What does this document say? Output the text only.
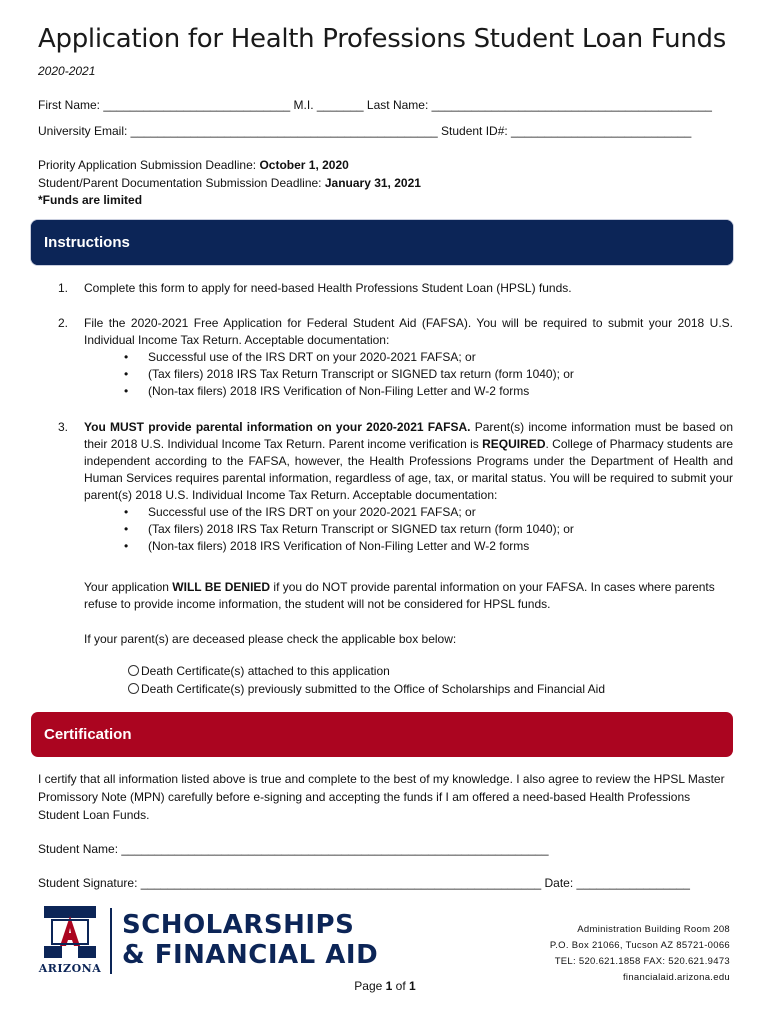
Application for Health Professions Student Loan Funds
2020-2021
First Name: ____________________________ M.I. _______ Last Name: __________________________________________
University Email: ______________________________________________ Student ID#: ___________________________
Priority Application Submission Deadline: October 1, 2020
Student/Parent Documentation Submission Deadline: January 31, 2021
*Funds are limited
Instructions
1. Complete this form to apply for need-based Health Professions Student Loan (HPSL) funds.
2. File the 2020-2021 Free Application for Federal Student Aid (FAFSA). You will be required to submit your 2018 U.S. Individual Income Tax Return. Acceptable documentation:
• Successful use of the IRS DRT on your 2020-2021 FAFSA; or
• (Tax filers) 2018 IRS Tax Return Transcript or SIGNED tax return (form 1040); or
• (Non-tax filers) 2018 IRS Verification of Non-Filing Letter and W-2 forms
3. You MUST provide parental information on your 2020-2021 FAFSA. Parent(s) income information must be based on their 2018 U.S. Individual Income Tax Return. Parent income verification is REQUIRED. College of Pharmacy students are independent according to the FAFSA, however, the Health Professions Programs under the Department of Health and Human Services requires parental information, regardless of age, tax, or marital status. You will be required to submit your parent(s) 2018 U.S. Individual Income Tax Return. Acceptable documentation:
• Successful use of the IRS DRT on your 2020-2021 FAFSA; or
• (Tax filers) 2018 IRS Tax Return Transcript or SIGNED tax return (form 1040); or
• (Non-tax filers) 2018 IRS Verification of Non-Filing Letter and W-2 forms
Your application WILL BE DENIED if you do NOT provide parental information on your FAFSA. In cases where parents refuse to provide income information, the student will not be considered for HPSL funds.
If your parent(s) are deceased please check the applicable box below:
Death Certificate(s) attached to this application
Death Certificate(s) previously submitted to the Office of Scholarships and Financial Aid
Certification
I certify that all information listed above is true and complete to the best of my knowledge. I also agree to review the HPSL Master Promissory Note (MPN) carefully before e-signing and accepting the funds if I am offered a need-based Health Professions Student Loan Funds.
Student Name: ________________________________________________________________
Student Signature: ____________________________________________________________ Date: _________________
ARIZONA
SCHOLARSHIPS
& FINANCIAL AID
Administration Building Room 208
P.O. Box 21066, Tucson AZ 85721-0066
TEL: 520.621.1858 FAX: 520.621.9473
financialaid.arizona.edu
Page 1 of 1
